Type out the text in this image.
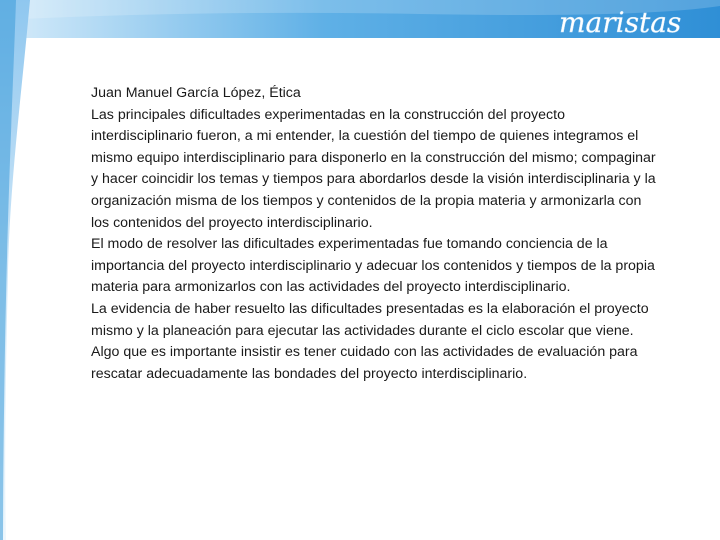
maristas

Juan Manuel García López, Ética

Las principales dificultades experimentadas en la construcción del proyecto interdisciplinario fueron, a mi entender, la cuestión del tiempo de quienes integramos el mismo equipo interdisciplinario para disponerlo en la construcción del mismo; compaginar y hacer coincidir los temas y tiempos para abordarlos desde la visión interdisciplinaria y la organización misma de los tiempos y contenidos de la propia materia y armonizarla con los contenidos del proyecto interdisciplinario.

El modo de resolver las dificultades experimentadas fue tomando conciencia de la importancia del proyecto interdisciplinario y adecuar los contenidos y tiempos de la propia materia para armonizarlos con las actividades del proyecto interdisciplinario.

La evidencia de haber resuelto las dificultades presentadas es la elaboración el proyecto mismo y la planeación para ejecutar las actividades durante el ciclo escolar que viene. Algo que es importante insistir es tener cuidado con las actividades de evaluación para rescatar adecuadamente las bondades del proyecto interdisciplinario.
